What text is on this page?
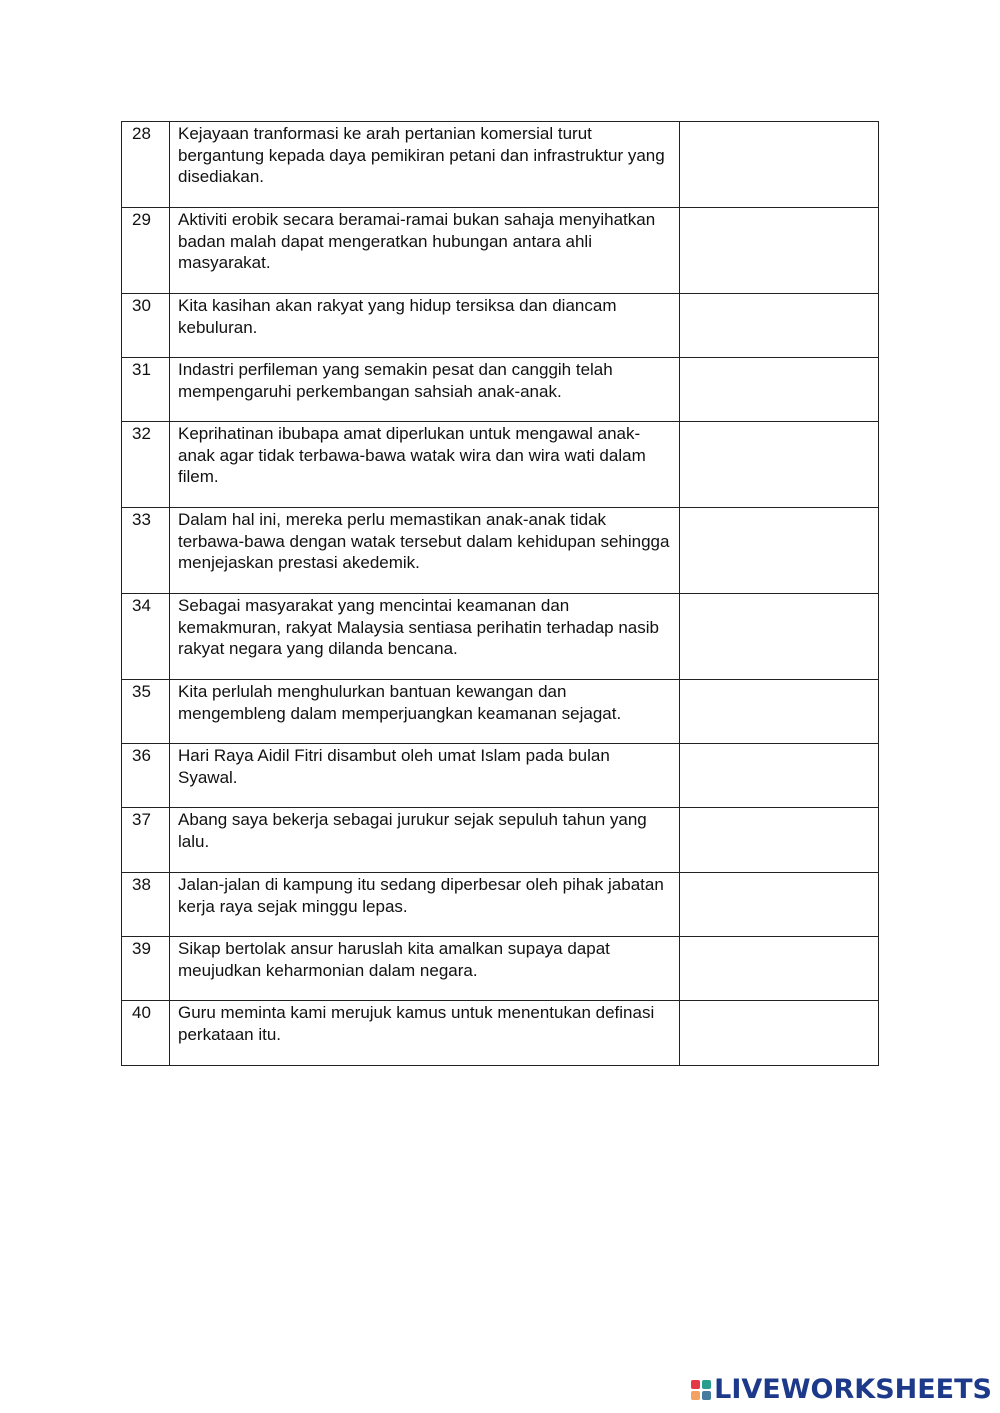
28	Kejayaan tranformasi ke arah pertanian komersial turut bergantung kepada daya pemikiran petani dan infrastruktur yang disediakan.	
29	Aktiviti erobik secara beramai-ramai bukan sahaja menyihatkan badan malah dapat mengeratkan hubungan antara ahli masyarakat.	
30	Kita kasihan akan rakyat yang hidup tersiksa dan diancam kebuluran.	
31	Indastri perfileman yang semakin pesat dan canggih telah mempengaruhi perkembangan sahsiah anak-anak.	
32	Keprihatinan ibubapa amat diperlukan untuk mengawal anak-anak agar tidak terbawa-bawa watak wira dan wira wati dalam filem.	
33	Dalam hal ini, mereka perlu memastikan anak-anak tidak terbawa-bawa dengan watak tersebut dalam kehidupan sehingga menjejaskan prestasi akedemik.	
34	Sebagai masyarakat yang mencintai keamanan dan kemakmuran, rakyat Malaysia sentiasa perihatin terhadap nasib rakyat negara yang dilanda bencana.	
35	Kita perlulah menghulurkan bantuan kewangan dan mengembleng dalam memperjuangkan keamanan sejagat.	
36	Hari Raya Aidil Fitri disambut oleh umat Islam pada bulan Syawal.	
37	Abang saya bekerja sebagai jurukur sejak sepuluh tahun yang lalu.	
38	Jalan-jalan di kampung itu sedang diperbesar oleh pihak jabatan kerja raya sejak minggu lepas.	
39	Sikap bertolak ansur haruslah kita amalkan supaya dapat meujudkan keharmonian dalam negara.	
40	Guru meminta kami merujuk kamus untuk menentukan definasi perkataan itu.	
LIVEWORKSHEETS
